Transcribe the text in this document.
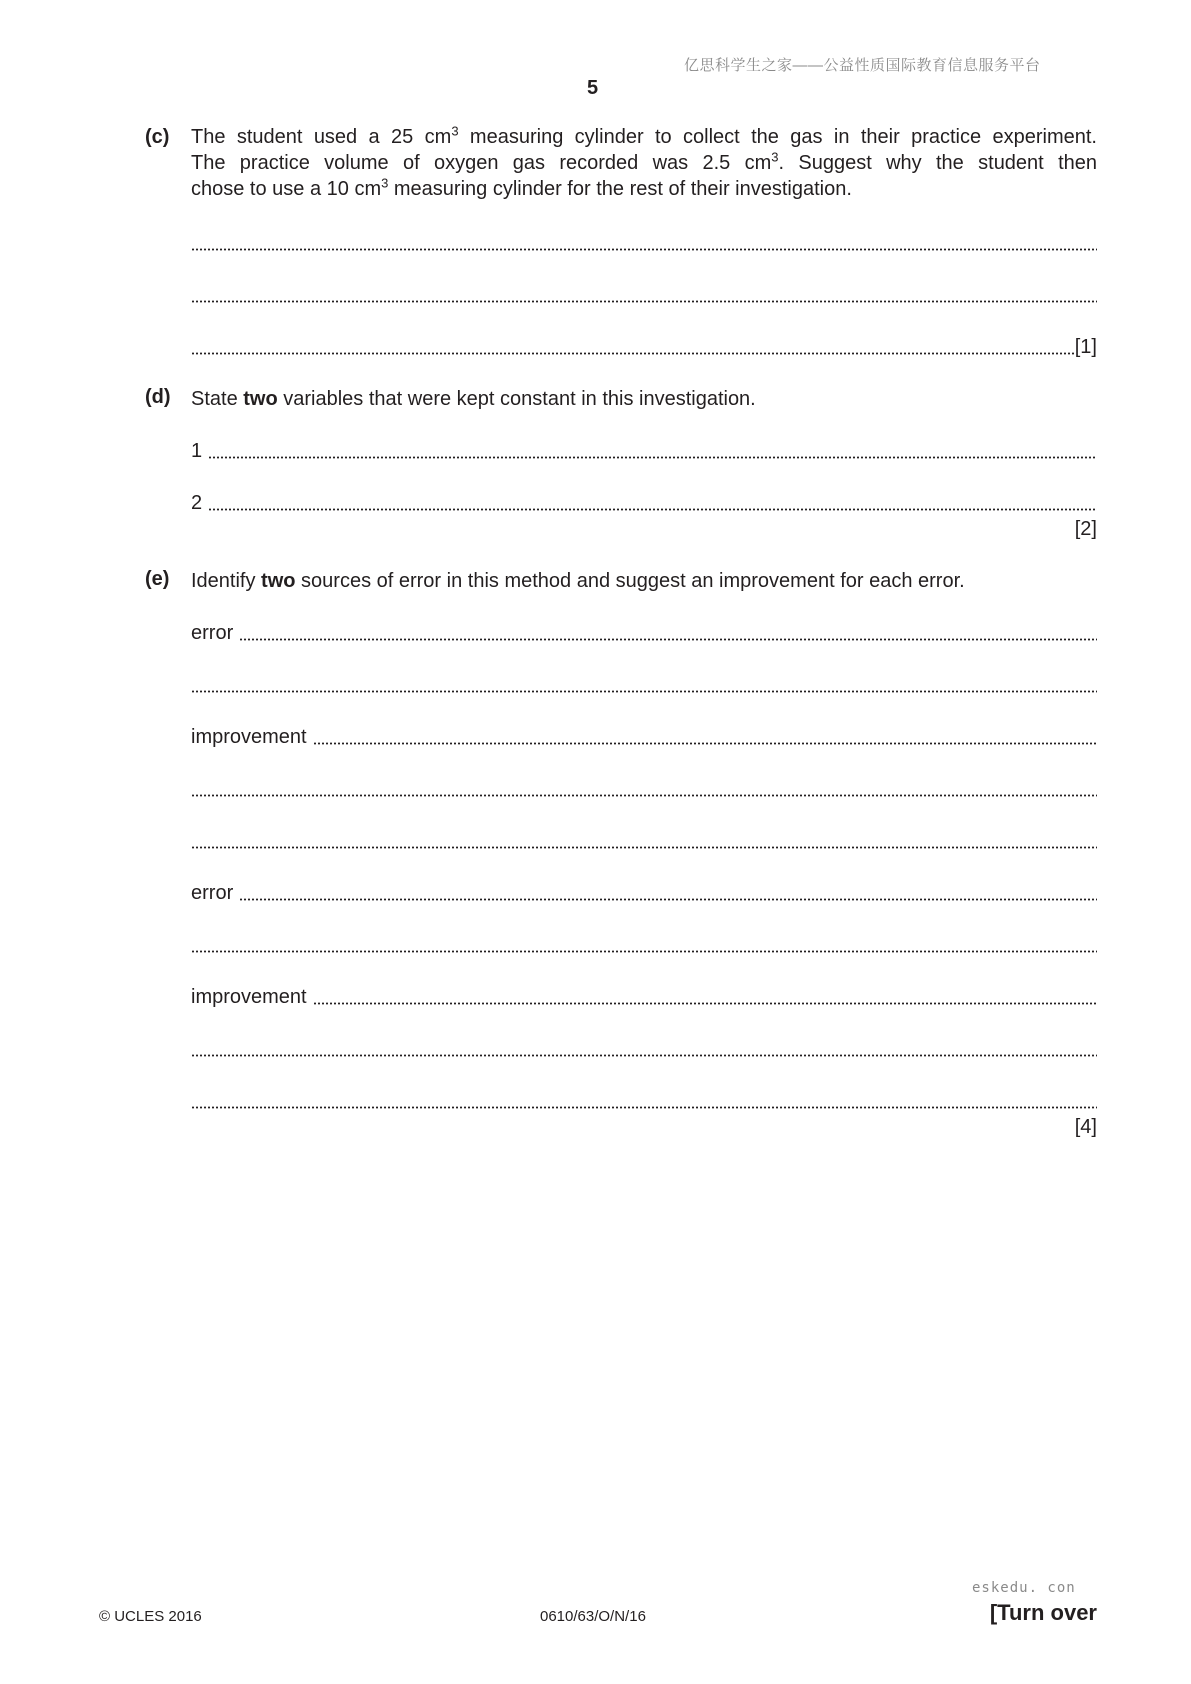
亿思科学生之家——公益性质国际教育信息服务平台
5
(c) The student used a 25 $cm^3$ measuring cylinder to collect the gas in their practice experiment.
The practice volume of oxygen gas recorded was 2.5 $cm^3$. Suggest why the student then
chose to use a 10 $cm^3$ measuring cylinder for the rest of their investigation.
[1]
(d) State two variables that were kept constant in this investigation.
1
2
[2]
(e) Identify two sources of error in this method and suggest an improvement for each error.
error
improvement
error
improvement
[4]
© UCLES 2016	0610/63/O/N/16
eskedu. con
[Turn over
